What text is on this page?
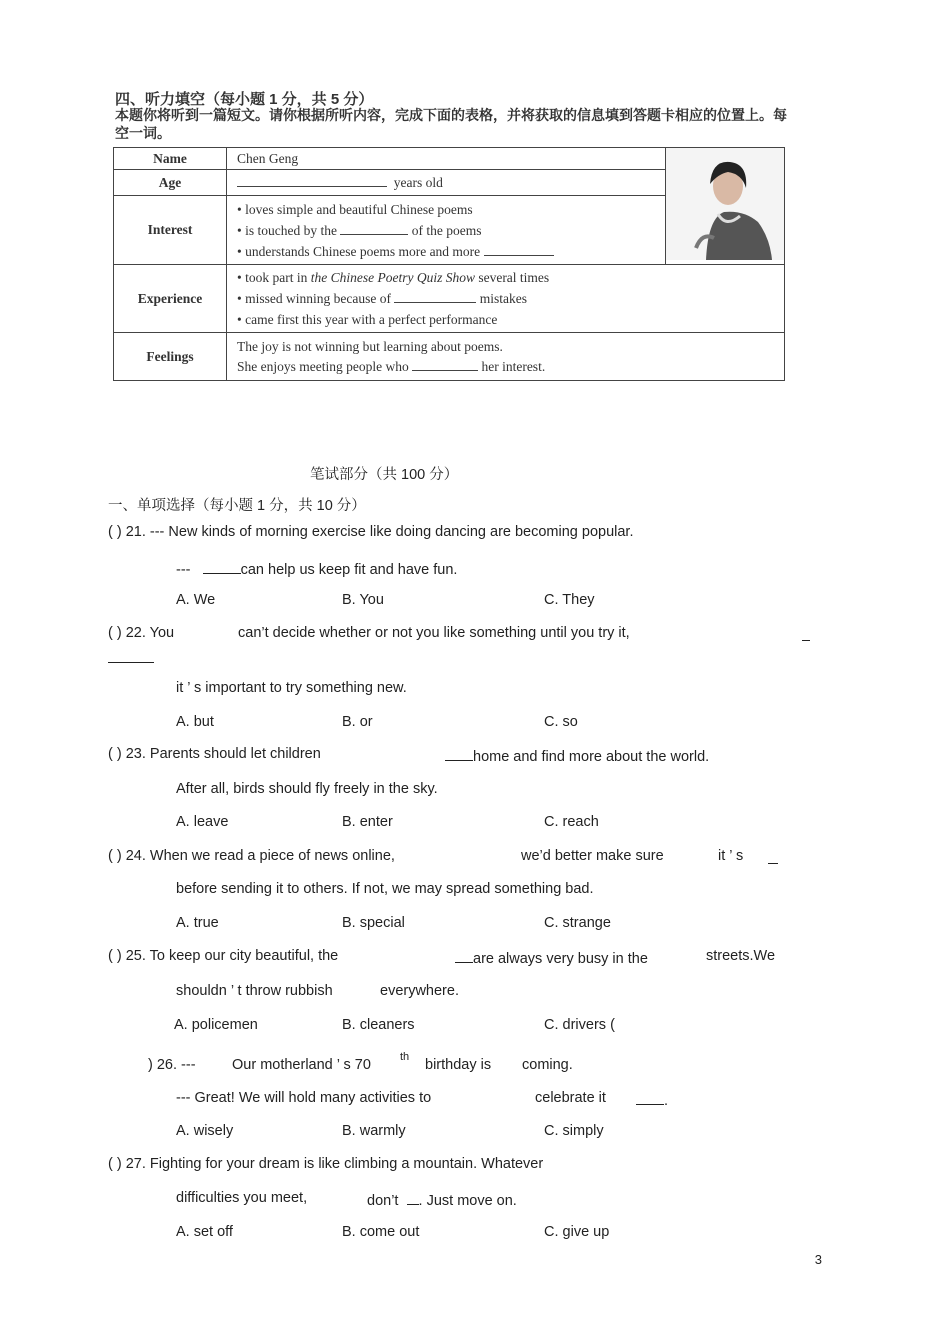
四、听力填空（每小题 1 分，共 5 分）
本题你将听到一篇短文。请你根据所听内容，完成下面的表格，并将获取的信息填到答题卡相应的位置上。每空一词。
Name	Chen Geng	
Age	years old	
Interest	• loves simple and beautiful Chinese poems
• is touched by the of the poems
• understands Chinese poems more and more	

Experience	• took part in the Chinese Poetry Quiz Show several times
• missed winning because of mistakes
• came first this year with a perfect performance	

Feelings	The joy is not winning but learning about poems.
She enjoys meeting people who her interest.	
笔试部分（共 100 分）
一、单项选择（每小题 1 分，共 10 分）
( ) 21. --- New kinds of morning exercise like doing dancing are becoming popular.
---	can help us keep fit and have fun.
A. We	B. You	C. They
( ) 22. You	can’t decide whether or not you like something until you try it,
it ’ s important to try something new.
A. but	B. or	C. so
( ) 23. Parents should let children	home and find more about the world.
After all, birds should fly freely in the sky.
A. leave	B. enter	C. reach
( ) 24. When we read a piece of news online,	we’d better make sure	it ’ s
before sending it to others. If not, we may spread something bad.
A. true	B. special	C. strange
( ) 25. To keep our city beautiful, the	are always very busy in the	streets.We
shouldn ’ t throw rubbish	everywhere.
A. policemen	B. cleaners	C. drivers (
) 26. ---	Our motherland ’ s 70	th birthday is coming.
--- Great! We will hold many activities to	celebrate it	.
A. wisely	B. warmly	C. simply
( ) 27. Fighting for your dream is like climbing a mountain. Whatever
difficulties you meet,	don’t . Just move on.
A. set off	B. come out	C. give up
3
